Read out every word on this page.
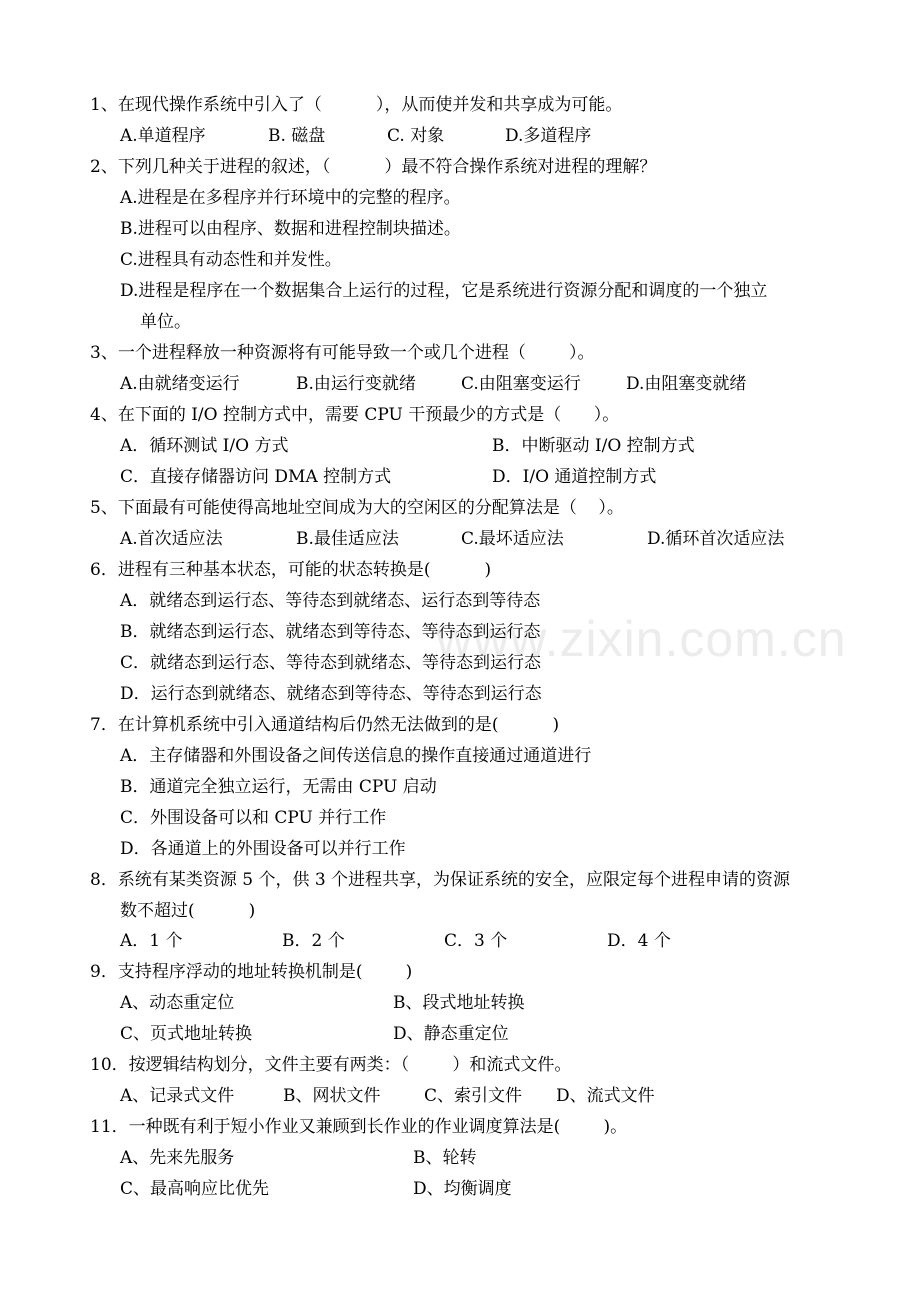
www.zixin.com.cn
1、在现代操作系统中引入了（          ），从而使并发和共享成为可能。
A.单道程序	B. 磁盘	C. 对象	D.多道程序
2、下列几种关于进程的叙述，（          ）最不符合操作系统对进程的理解？
A.进程是在多程序并行环境中的完整的程序。
B.进程可以由程序、数据和进程控制块描述。
C.进程具有动态性和并发性。
D.进程是程序在一个数据集合上运行的过程，它是系统进行资源分配和调度的一个独立
单位。
3、一个进程释放一种资源将有可能导致一个或几个进程（        ）。
A.由就绪变运行	B.由运行变就绪	C.由阻塞变运行	D.由阻塞变就绪
4、在下面的 I/O 控制方式中，需要 CPU 干预最少的方式是（      ）。
A．循环测试 I/O 方式	B．中断驱动 I/O 控制方式
C．直接存储器访问 DMA 控制方式	D．I/O 通道控制方式
5、下面最有可能使得高地址空间成为大的空闲区的分配算法是（    ）。
A.首次适应法	B.最佳适应法	C.最坏适应法	D.循环首次适应法
6．进程有三种基本状态，可能的状态转换是(          )
A．就绪态到运行态、等待态到就绪态、运行态到等待态
B．就绪态到运行态、就绪态到等待态、等待态到运行态
C．就绪态到运行态、等待态到就绪态、等待态到运行态
D．运行态到就绪态、就绪态到等待态、等待态到运行态
7．在计算机系统中引入通道结构后仍然无法做到的是(          )
A．主存储器和外围设备之间传送信息的操作直接通过通道进行
B．通道完全独立运行，无需由 CPU 启动
C．外围设备可以和 CPU 并行工作
D．各通道上的外围设备可以并行工作
8．系统有某类资源 5 个，供 3 个进程共享，为保证系统的安全，应限定每个进程申请的资源
数不超过(          )
A．1 个	B．2 个	C．3 个	D．4 个
9．支持程序浮动的地址转换机制是(        )
A、动态重定位	B、段式地址转换
C、页式地址转换	D、静态重定位
10．按逻辑结构划分，文件主要有两类：（        ）和流式文件。
A、记录式文件	B、网状文件	C、索引文件 D、流式文件
11．一种既有利于短小作业又兼顾到长作业的作业调度算法是(        )。
A、先来先服务	B、轮转
C、最高响应比优先	D、均衡调度
